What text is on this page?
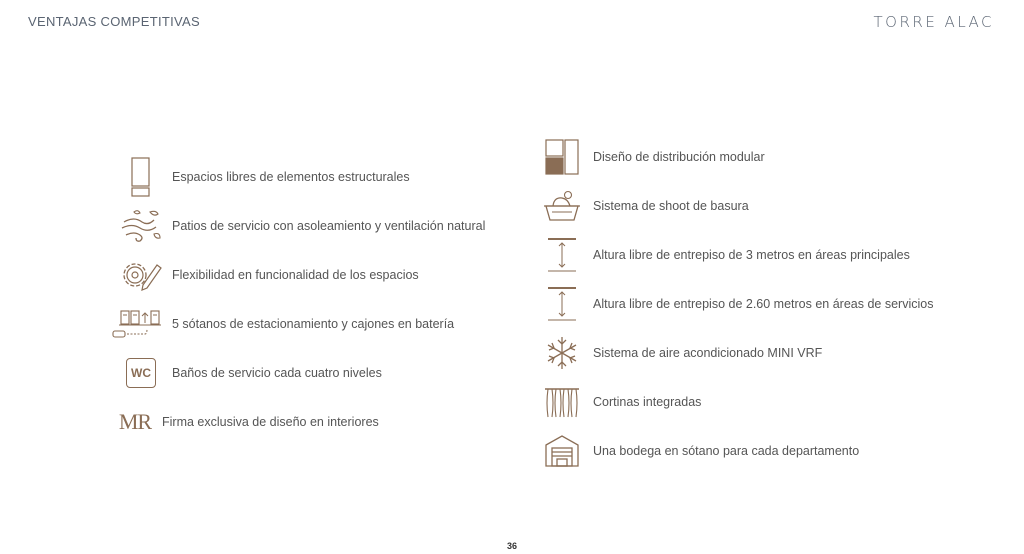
VENTAJAS COMPETITIVAS	TORRE ALAC
Espacios libres de elementos estructurales
Patios de servicio con asoleamiento y ventilación natural
Flexibilidad en funcionalidad de los espacios
5 sótanos de estacionamiento y cajones en batería
WC	Baños de servicio cada cuatro niveles
MR Firma exclusiva de diseño en interiores
Diseño de distribución modular
Sistema de shoot de basura
Altura libre de entrepiso de 3 metros en áreas principales
Altura libre de entrepiso de 2.60 metros en áreas de servicios
Sistema de aire acondicionado MINI VRF
Cortinas integradas
Una bodega en sótano para cada departamento
36
